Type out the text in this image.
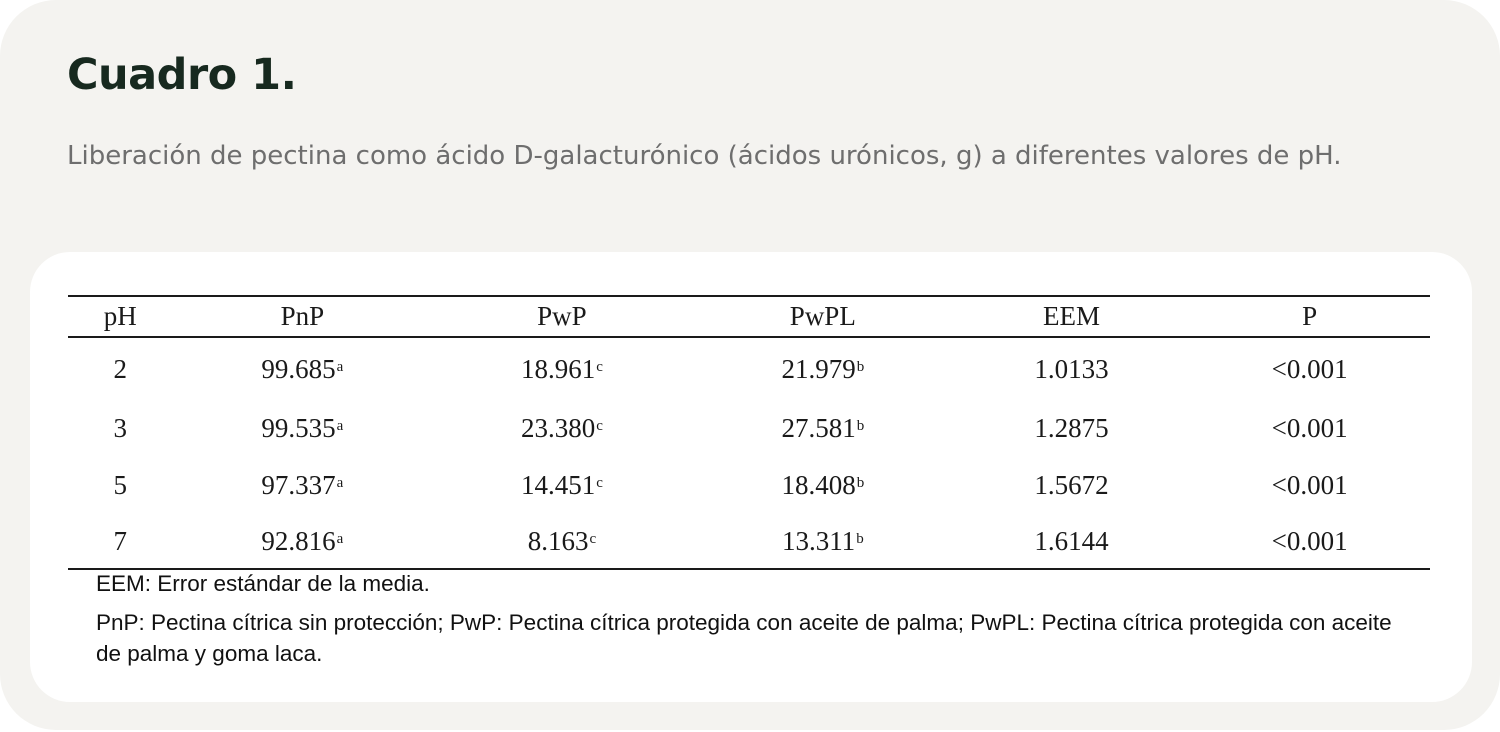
Cuadro 1.

Liberación de pectina como ácido D-galacturónico (ácidos urónicos, g) a diferentes valores de pH.

pH	PnP	PwP	PwPL	EEM	P
2	99.685$^a$	18.961$^c$	21.979$^b$	1.0133	<0.001
3	99.535$^a$	23.380$^c$	27.581$^b$	1.2875	<0.001
5	97.337$^a$	14.451$^c$	18.408$^b$	1.5672	<0.001
7	92.816$^a$	8.163$^c$	13.311$^b$	1.6144	<0.001

EEM: Error estándar de la media.

PnP: Pectina cítrica sin protección; PwP: Pectina cítrica protegida con aceite de palma; PwPL: Pectina cítrica protegida con aceite de palma y goma laca.
